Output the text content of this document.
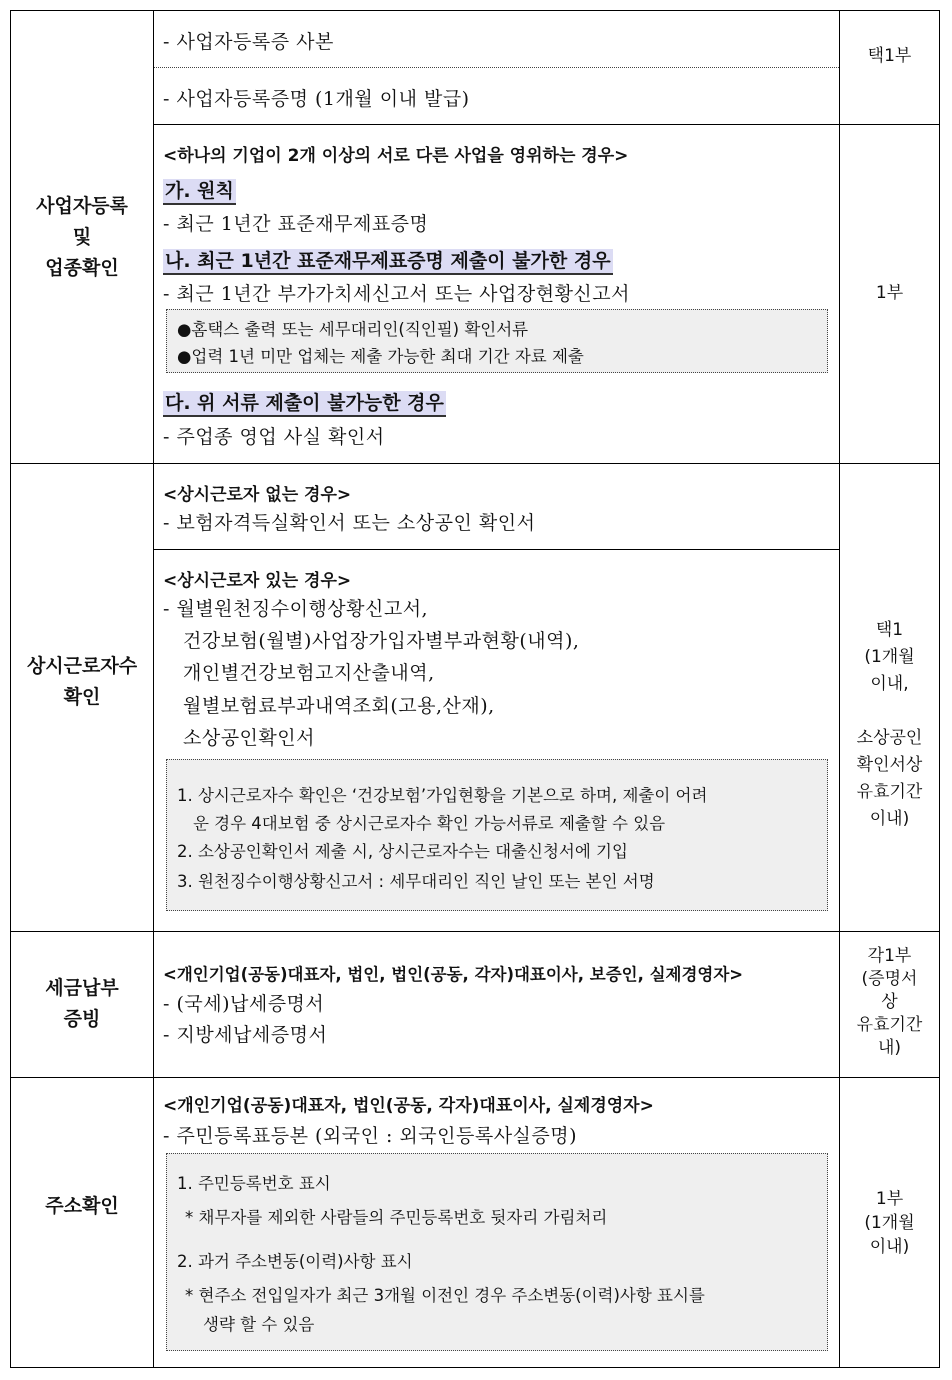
사업자등록
및
업종확인
- 사업자등록증 사본
- 사업자등록증명 (1개월 이내 발급)
택1부
<하나의 기업이 2개 이상의 서로 다른 사업을 영위하는 경우>
가. 원칙
- 최근 1년간 표준재무제표증명
나. 최근 1년간 표준재무제표증명 제출이 불가한 경우
- 최근 1년간 부가가치세신고서 또는 사업장현황신고서
●홈택스 출력 또는 세무대리인(직인필) 확인서류
●업력 1년 미만 업체는 제출 가능한 최대 기간 자료 제출
다. 위 서류 제출이 불가능한 경우
- 주업종 영업 사실 확인서
1부
상시근로자수
확인
<상시근로자 없는 경우>
- 보험자격득실확인서 또는 소상공인 확인서
<상시근로자 있는 경우>
- 월별원천징수이행상황신고서,
건강보험(월별)사업장가입자별부과현황(내역),
개인별건강보험고지산출내역,
월별보험료부과내역조회(고용,산재),
소상공인확인서
1. 상시근로자수 확인은 ‘건강보험’가입현황을 기본으로 하며, 제출이 어려
운 경우 4대보험 중 상시근로자수 확인 가능서류로 제출할 수 있음
2. 소상공인확인서 제출 시, 상시근로자수는 대출신청서에 기입
3. 원천징수이행상황신고서 : 세무대리인 직인 날인 또는 본인 서명
택1
(1개월
이내,
소상공인
확인서상
유효기간
이내)
세금납부
증빙
<개인기업(공동)대표자, 법인, 법인(공동, 각자)대표이사, 보증인, 실제경영자>
- (국세)납세증명서
- 지방세납세증명서
각1부
(증명서
상
유효기간
내)
주소확인
<개인기업(공동)대표자, 법인(공동, 각자)대표이사, 실제경영자>
- 주민등록표등본 (외국인 : 외국인등록사실증명)
1. 주민등록번호 표시
* 채무자를 제외한 사람들의 주민등록번호 뒷자리 가림처리
2. 과거 주소변동(이력)사항 표시
* 현주소 전입일자가 최근 3개월 이전인 경우 주소변동(이력)사항 표시를
생략 할 수 있음
1부
(1개월
이내)
